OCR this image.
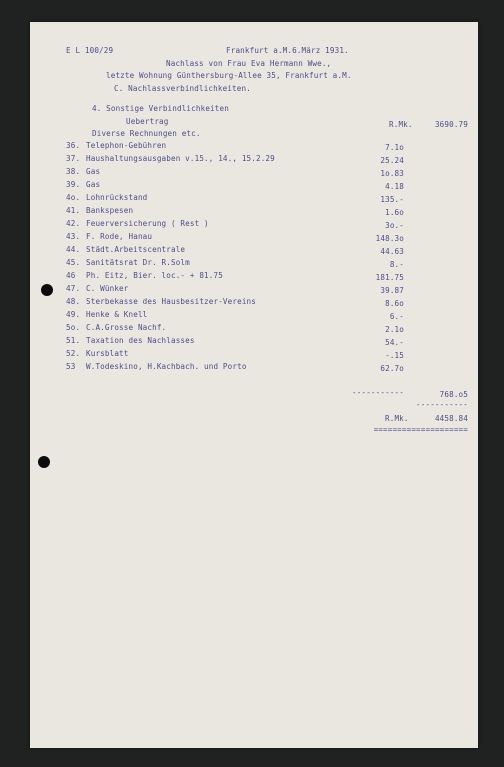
E L 100/29	Frankfurt a.M.6.März 1931.
Nachlass von Frau Eva Hermann Wwe.,
letzte Wohnung Günthersburg-Allee 35, Frankfurt a.M.
C. Nachlassverbindlichkeiten.
4. Sonstige Verbindlichkeiten
Uebertrag	R.Mk.	3690.79
Diverse Rechnungen etc.
36. Telephon-Gebühren	7.1o
37. Haushaltungsausgaben v.15., 14., 15.2.29	25.24
38. Gas	1o.83
39. Gas	4.18
4o. Lohnrückstand	135.-
41. Bankspesen	1.6o
42. Feuerversicherung ( Rest )	3o.-
43. F. Rode, Hanau	148.3o
44. Städt.Arbeitscentrale	44.63
45. Sanitätsrat Dr. R.Solm	8.-
46 Ph. Eitz, Bier. loc.- + 81.75	181.75
47. C. Wünker	39.87
48. Sterbekasse des Hausbesitzer-Vereins	8.6o
49. Henke & Knell	6.-
5o. C.A.Grosse Nachf.	2.1o
51. Taxation des Nachlasses	54.-
52. Kursblatt	-.15
53 W.Todeskino, H.Kachbach. und Porto	62.7o
-----------	768.o5
-----------
R.Mk.	4458.84
====================
